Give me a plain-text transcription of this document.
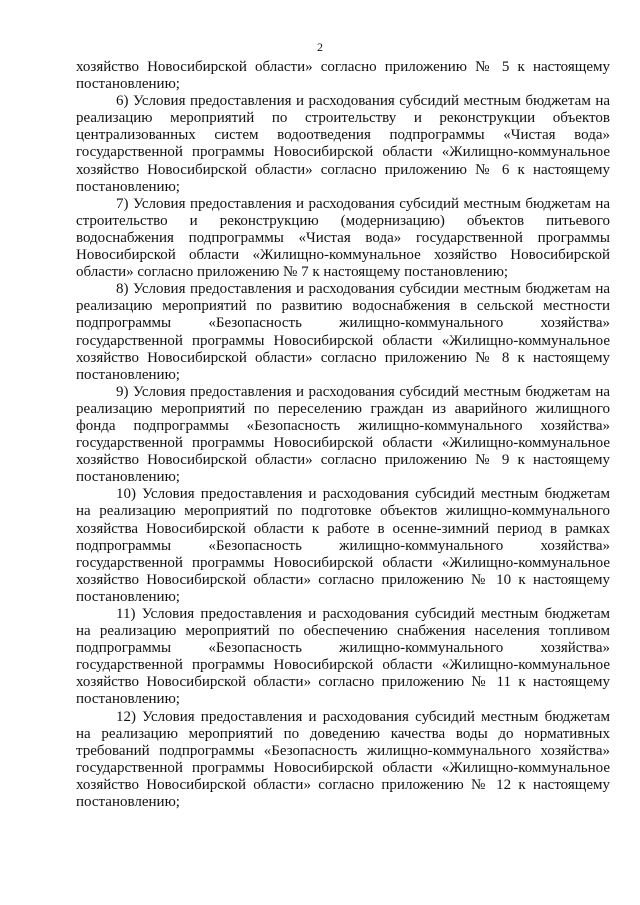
2

хозяйство Новосибирской области» согласно приложению № 5 к настоящему постановлению;

6) Условия предоставления и расходования субсидий местным бюджетам на реализацию мероприятий по строительству и реконструкции объектов централизованных систем водоотведения подпрограммы «Чистая вода» государственной программы Новосибирской области «Жилищно-коммунальное хозяйство Новосибирской области» согласно приложению № 6 к настоящему постановлению;

7) Условия предоставления и расходования субсидий местным бюджетам на строительство и реконструкцию (модернизацию) объектов питьевого водоснабжения подпрограммы «Чистая вода» государственной программы Новосибирской области «Жилищно-коммунальное хозяйство Новосибирской области» согласно приложению № 7 к настоящему постановлению;

8) Условия предоставления и расходования субсидии местным бюджетам на реализацию мероприятий по развитию водоснабжения в сельской местности подпрограммы «Безопасность жилищно-коммунального хозяйства» государственной программы Новосибирской области «Жилищно-коммунальное хозяйство Новосибирской области» согласно приложению № 8 к настоящему постановлению;

9) Условия предоставления и расходования субсидий местным бюджетам на реализацию мероприятий по переселению граждан из аварийного жилищного фонда подпрограммы «Безопасность жилищно-коммунального хозяйства» государственной программы Новосибирской области «Жилищно-коммунальное хозяйство Новосибирской области» согласно приложению № 9 к настоящему постановлению;

10) Условия предоставления и расходования субсидий местным бюджетам на реализацию мероприятий по подготовке объектов жилищно-коммунального хозяйства Новосибирской области к работе в осенне-зимний период в рамках подпрограммы «Безопасность жилищно-коммунального хозяйства» государственной программы Новосибирской области «Жилищно-коммунальное хозяйство Новосибирской области» согласно приложению № 10 к настоящему постановлению;

11) Условия предоставления и расходования субсидий местным бюджетам на реализацию мероприятий по обеспечению снабжения населения топливом подпрограммы «Безопасность жилищно-коммунального хозяйства» государственной программы Новосибирской области «Жилищно-коммунальное хозяйство Новосибирской области» согласно приложению № 11 к настоящему постановлению;

12) Условия предоставления и расходования субсидий местным бюджетам на реализацию мероприятий по доведению качества воды до нормативных требований подпрограммы «Безопасность жилищно-коммунального хозяйства» государственной программы Новосибирской области «Жилищно-коммунальное хозяйство Новосибирской области» согласно приложению № 12 к настоящему постановлению;
